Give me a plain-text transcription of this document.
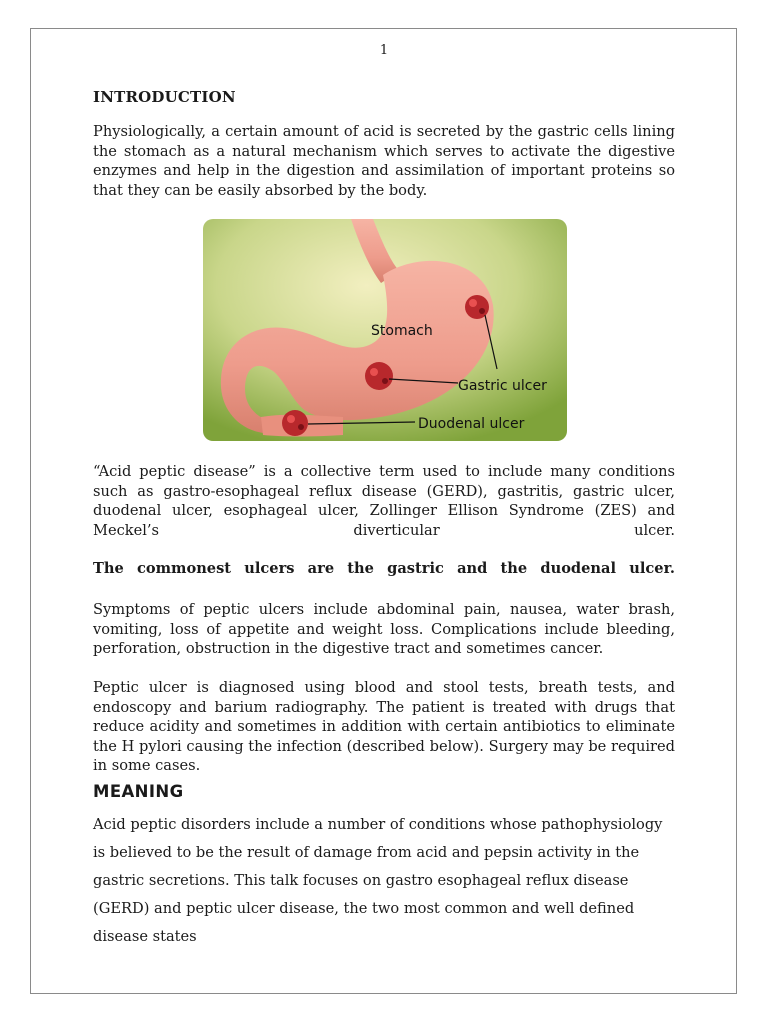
1
INTRODUCTION

Physiologically, a certain amount of acid is secreted by the gastric cells lining the stomach as a natural mechanism which serves to activate the digestive enzymes and help in the digestion and assimilation of important proteins so that they can be easily absorbed by the body.

Stomach
Gastric ulcer
Duodenal ulcer

“Acid peptic disease” is a collective term used to include many conditions such as gastro-esophageal reflux disease (GERD), gastritis, gastric ulcer, duodenal ulcer, esophageal ulcer, Zollinger Ellison Syndrome (ZES) and Meckel’s diverticular ulcer.

The commonest ulcers are the gastric and the duodenal ulcer.

Symptoms of peptic ulcers include abdominal pain, nausea, water brash, vomiting, loss of appetite and weight loss. Complications include bleeding, perforation, obstruction in the digestive tract and sometimes cancer.

Peptic ulcer is diagnosed using blood and stool tests, breath tests, and endoscopy and barium radiography. The patient is treated with drugs that reduce acidity and sometimes in addition with certain antibiotics to eliminate the H pylori causing the infection (described below). Surgery may be required in some cases.

MEANING

Acid peptic disorders include a number of conditions whose pathophysiology is believed to be the result of damage from acid and pepsin activity in the gastric secretions. This talk focuses on gastro esophageal reflux disease (GERD) and peptic ulcer disease, the two most common and well defined disease states
